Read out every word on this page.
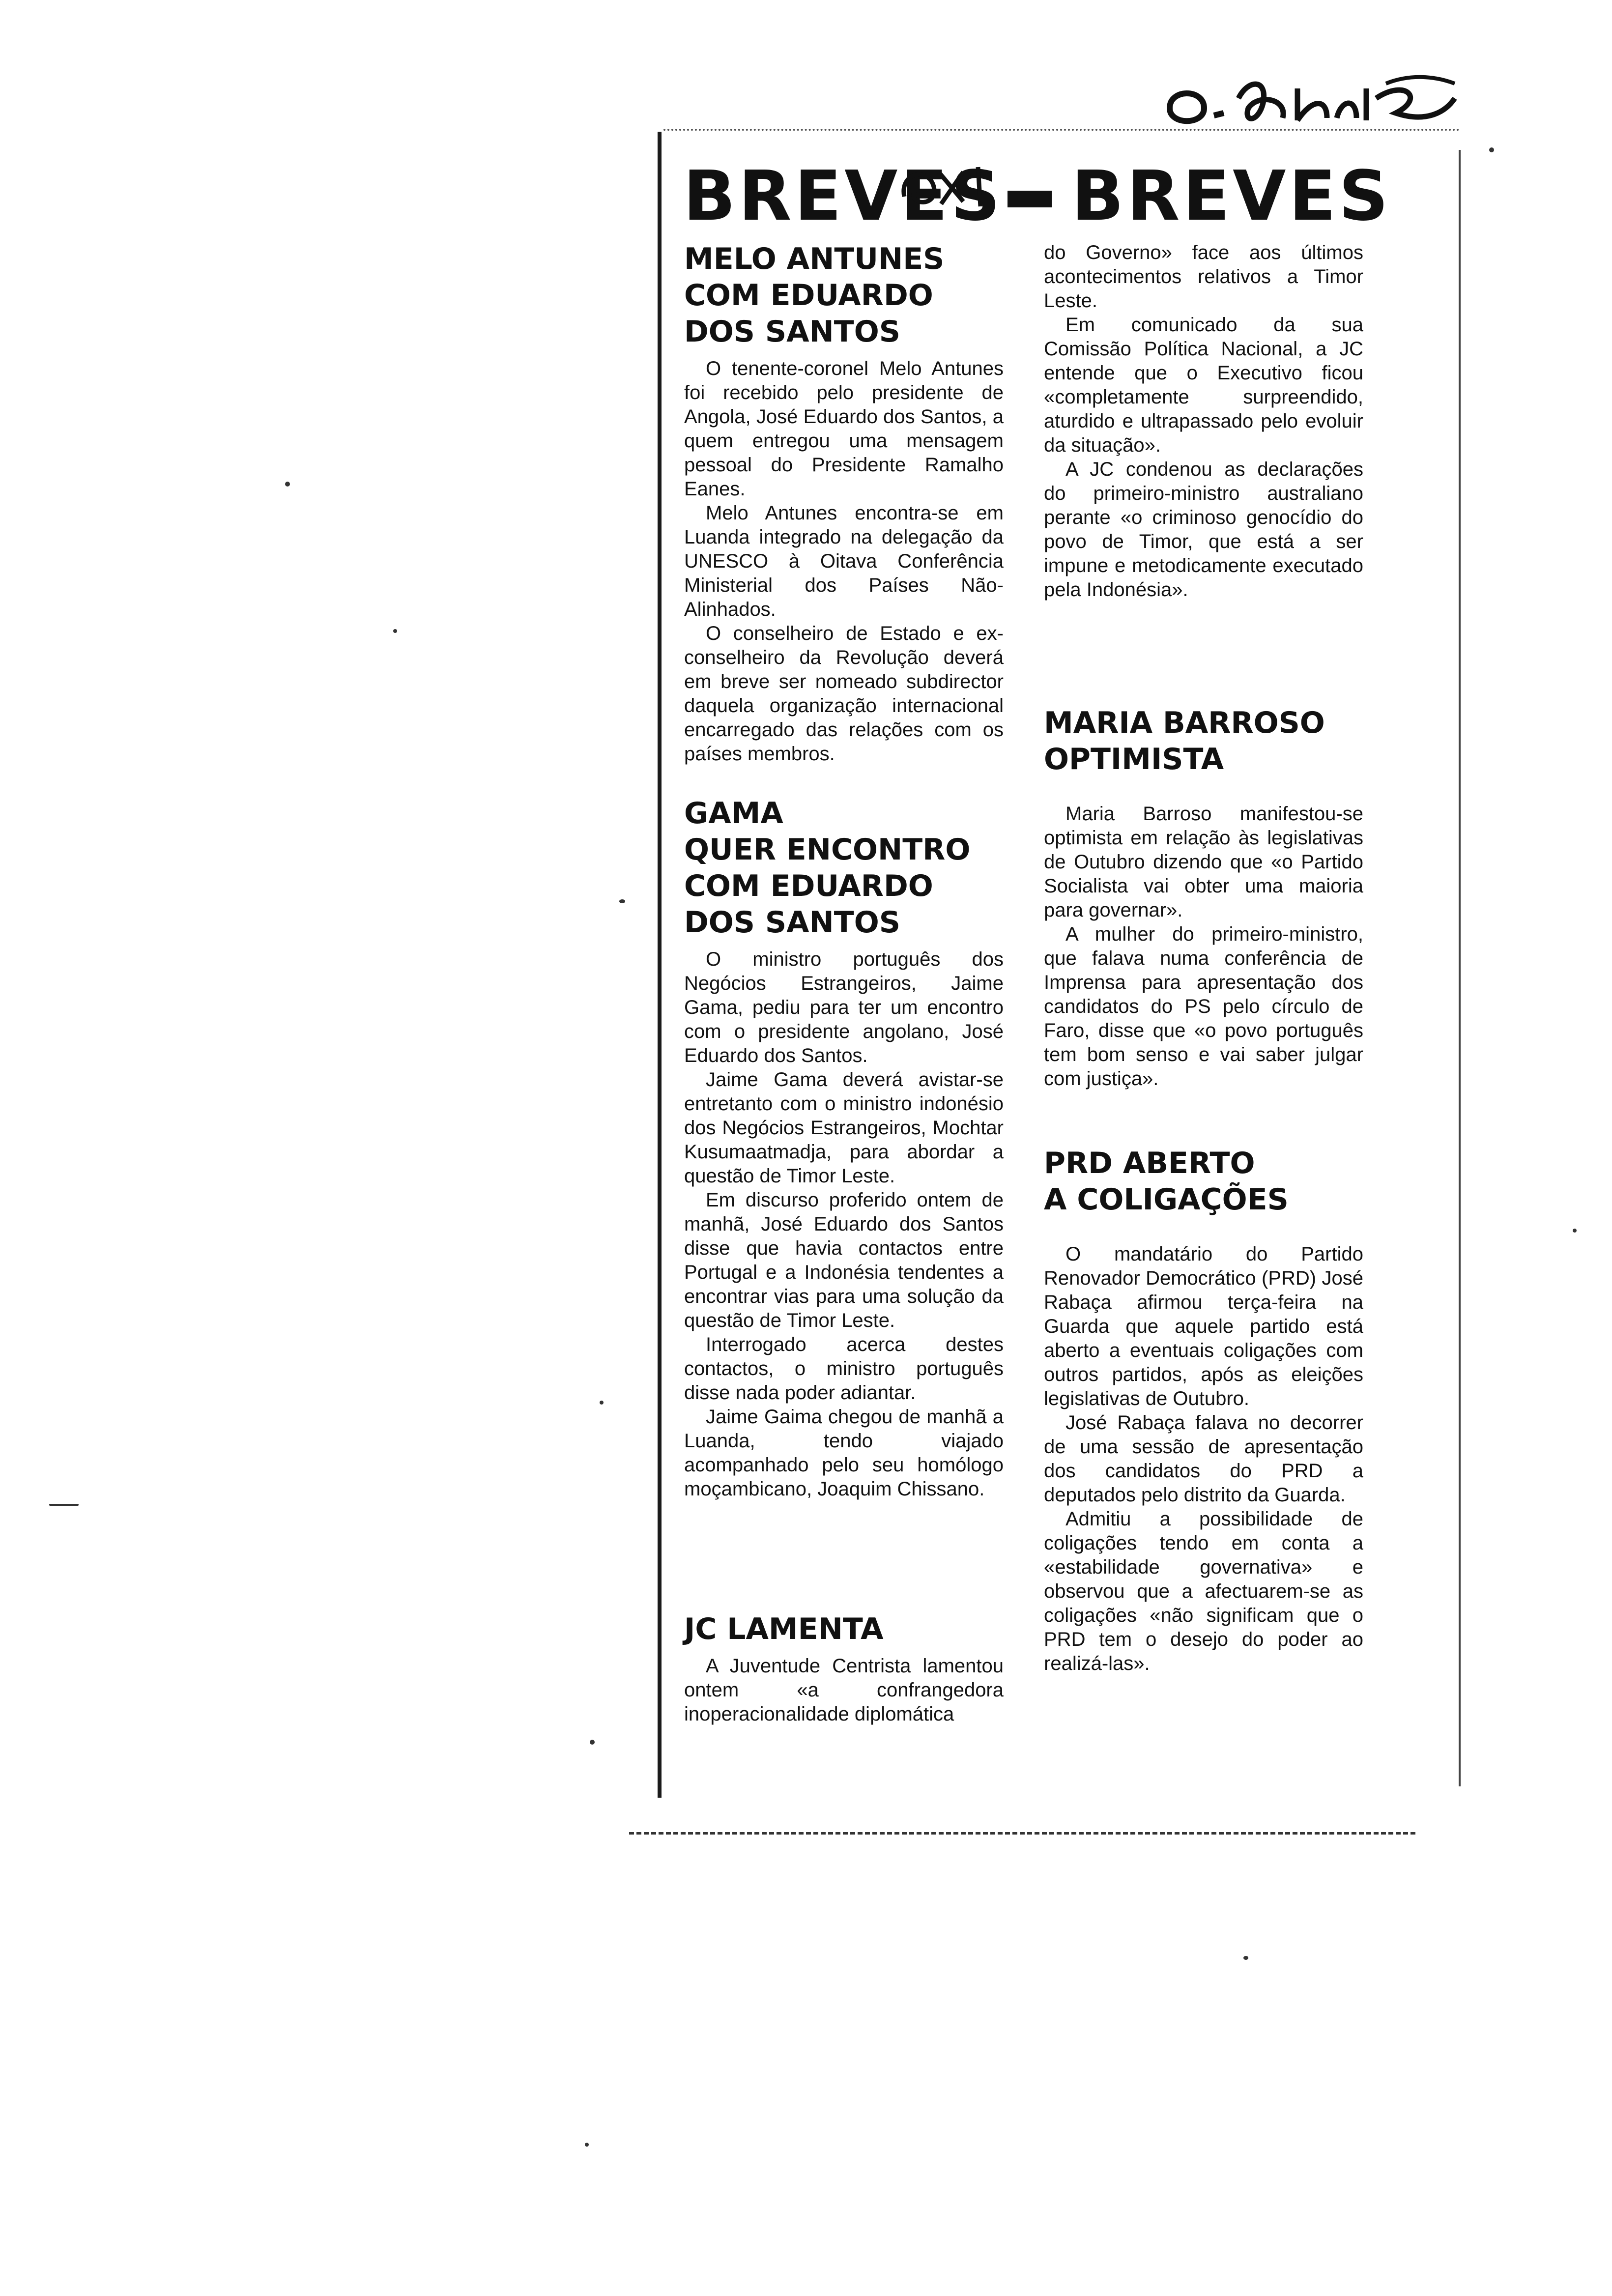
BREVES BREVES
MELO ANTUNES
COM EDUARDO
DOS SANTOS

O tenente-coronel Melo Antunes foi recebido pelo presidente de Angola, José Eduardo dos Santos, a quem entregou uma mensagem pessoal do Presidente Ramalho Eanes.

Melo Antunes encontra-se em Luanda integrado na delegação da UNESCO à Oitava Conferência Ministerial dos Países Não-Alinhados.

O conselheiro de Estado e ex-conselheiro da Revolução deverá em breve ser nomeado subdirector daquela organização internacional encarregado das relações com os países membros.

GAMA
QUER ENCONTRO
COM EDUARDO
DOS SANTOS

O ministro português dos Negócios Estrangeiros, Jaime Gama, pediu para ter um encontro com o presidente angolano, José Eduardo dos Santos.

Jaime Gama deverá avistar-se entretanto com o ministro indonésio dos Negócios Estrangeiros, Mochtar Kusumaatmadja, para abordar a questão de Timor Leste.

Em discurso proferido ontem de manhã, José Eduardo dos Santos disse que havia contactos entre Portugal e a Indonésia tendentes a encontrar vias para uma solução da questão de Timor Leste.

Interrogado acerca destes contactos, o ministro português disse nada poder adiantar.

Jaime Gaima chegou de manhã a Luanda, tendo viajado acompanhado pelo seu homólogo moçambicano, Joaquim Chissano.

JC LAMENTA

A Juventude Centrista lamentou ontem «a confrangedora inoperacionalidade diplomática

do Governo» face aos últimos acontecimentos relativos a Timor Leste.

Em comunicado da sua Comissão Política Nacional, a JC entende que o Executivo ficou «completamente surpreendido, aturdido e ultrapassado pelo evoluir da situação».

A JC condenou as declarações do primeiro-ministro australiano perante «o criminoso genocídio do povo de Timor, que está a ser impune e metodicamente executado pela Indonésia».

MARIA BARROSO
OPTIMISTA

Maria Barroso manifestou-se optimista em relação às legislativas de Outubro dizendo que «o Partido Socialista vai obter uma maioria para governar».

A mulher do primeiro-ministro, que falava numa conferência de Imprensa para apresentação dos candidatos do PS pelo círculo de Faro, disse que «o povo português tem bom senso e vai saber julgar com justiça».

PRD ABERTO
A COLIGAÇÕES

O mandatário do Partido Renovador Democrático (PRD) José Rabaça afirmou terça-feira na Guarda que aquele partido está aberto a eventuais coligações com outros partidos, após as eleições legislativas de Outubro.

José Rabaça falava no decorrer de uma sessão de apresentação dos candidatos do PRD a deputados pelo distrito da Guarda.

Admitiu a possibilidade de coligações tendo em conta a «estabilidade governativa» e observou que a afectuarem-se as coligações «não significam que o PRD tem o desejo do poder ao realizá-las».
